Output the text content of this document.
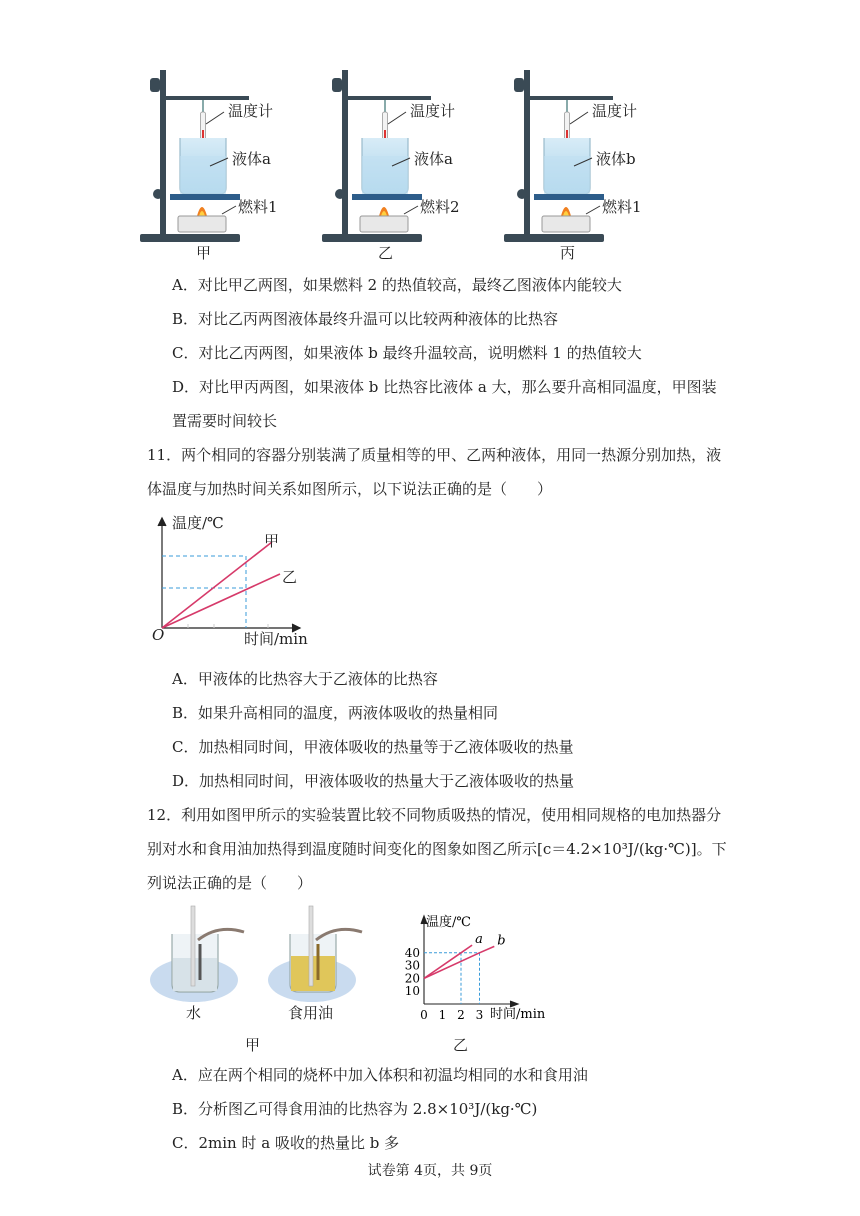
温度计
液体a
燃料1
甲
温度计
液体a
燃料2
乙
温度计
液体b
燃料1
丙
A．对比甲乙两图，如果燃料 2 的热值较高，最终乙图液体内能较大
B．对比乙丙两图液体最终升温可以比较两种液体的比热容
C．对比乙丙两图，如果液体 b 最终升温较高，说明燃料 1 的热值较大
D．对比甲丙两图，如果液体 b 比热容比液体 a 大，那么要升高相同温度，甲图装
置需要时间较长
11．两个相同的容器分别装满了质量相等的甲、乙两种液体，用同一热源分别加热，液
体温度与加热时间关系如图所示，以下说法正确的是（　　）
温度/℃
时间/min
O
甲
乙
A．甲液体的比热容大于乙液体的比热容
B．如果升高相同的温度，两液体吸收的热量相同
C．加热相同时间，甲液体吸收的热量等于乙液体吸收的热量
D．加热相同时间，甲液体吸收的热量大于乙液体吸收的热量
12．利用如图甲所示的实验装置比较不同物质吸热的情况，使用相同规格的电加热器分
别对水和食用油加热得到温度随时间变化的图象如图乙所示[c＝4.2×10³J/(kg·℃)]。下
列说法正确的是（　　）
水	食用油
甲	乙
10
20
30
40
0 1 2 3
a b
温度/℃
时间/min
A．应在两个相同的烧杯中加入体积和初温均相同的水和食用油
B．分析图乙可得食用油的比热容为 2.8×10³J/(kg·℃)
C．2min 时 a 吸收的热量比 b 多
试卷第 4页，共 9页
